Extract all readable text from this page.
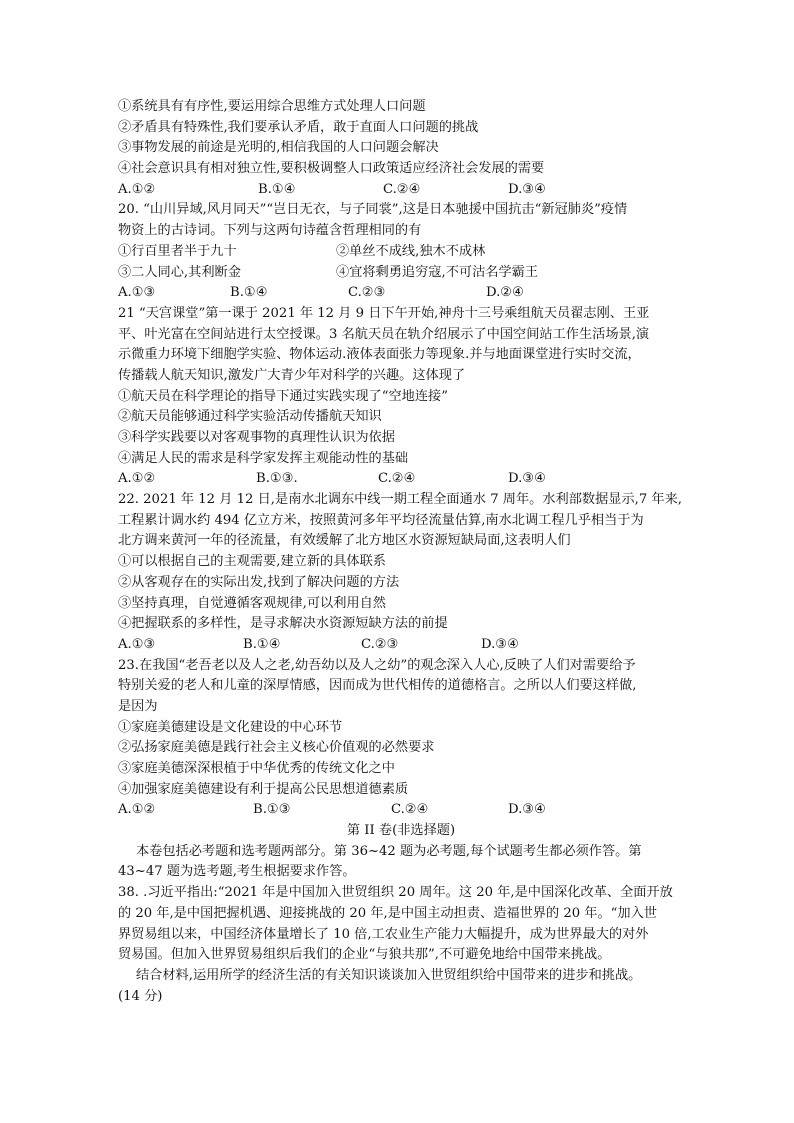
①系统具有有序性,要运用综合思维方式处理人口问题
②矛盾具有特殊性,我们要承认矛盾，敢于直面人口问题的挑战
③事物发展的前途是光明的,相信我国的人口问题会解决
④社会意识具有相对独立性,要积极调整人口政策适应经济社会发展的需要
A.①②	B.①④	C.②④	D.③④
20. “山川异域,风月同天”“岂日无衣，与子同裳”,这是日本驰援中国抗击“新冠肺炎”疫情
物资上的古诗词。下列与这两句诗蕴含哲理相同的有
①行百里者半于九十	②单丝不成线,独木不成林
③二人同心,其利断金	④宜将剩勇追穷寇,不可沽名学霸王
A.①③	B.①④	C.②③	D.②④
21 “天宫课堂”第一课于 2021 年 12 月 9 日下午开始,神舟十三号乘组航天员翟志刚、王亚
平、叶光富在空间站进行太空授课。3 名航天员在轨介绍展示了中国空间站工作生活场景,演
示微重力环境下细胞学实验、物体运动.液体表面张力等现象.并与地面课堂进行实时交流，
传播载人航天知识,激发广大青少年对科学的兴趣。这体现了
①航天员在科学理论的指导下通过实践实现了“空地连接”
②航天员能够通过科学实验活动传播航天知识
③科学实践要以对客观事物的真理性认识为依据
④满足人民的需求是科学家发挥主观能动性的基础
A.①②	B.①③.	C.②④	D.③④
22. 2021 年 12 月 12 日,是南水北调东中线一期工程全面通水 7 周年。水利部数据显示,7 年来,
工程累计调水约 494 亿立方米，按照黄河多年平均径流量估算,南水北调工程几乎相当于为
北方调来黄河一年的径流量，有效缓解了北方地区水资源短缺局面,这表明人们
①可以根据自己的主观需要,建立新的具体联系
②从客观存在的实际出发,找到了解决问题的方法
③坚持真理，自觉遵循客观规律,可以利用自然
④把握联系的多样性，是寻求解决水资源短缺方法的前提
A.①③	B.①④	C.②③	D.③④
23.在我国“老吾老以及人之老,幼吾幼以及人之幼”的观念深入人心,反映了人们对需要给予
特别关爱的老人和儿童的深厚情感，因而成为世代相传的道德格言。之所以人们要这样做,
是因为
①家庭美德建设是文化建设的中心环节
②弘扬家庭美德是践行社会主义核心价值观的必然要求
③家庭美德深深根植于中华优秀的传统文化之中
④加强家庭美德建设有利于提高公民思想道德素质
A.①②	B.①③	C.②④	D.③④
第 II 卷(非选择题)
本卷包括必考题和选考题两部分。第 36~42 题为必考题,每个试题考生都必须作答。第
43~47 题为选考题,考生根据要求作答。
38. .习近平指出:“2021 年是中国加入世贸组织 20 周年。这 20 年,是中国深化改革、全面开放
的 20 年,是中国把握机遇、迎接挑战的 20 年,是中国主动担责、造福世界的 20 年。“加入世
界贸易组以来，中国经济体量增长了 10 倍,工农业生产能力大幅提升，成为世界最大的对外
贸易国。但加入世界贸易组织后我们的企业“与狼共那”,不可避免地给中国带来挑战。
结合材料,运用所学的经济生活的有关知识谈谈加入世贸组织给中国带来的进步和挑战。
(14 分)
